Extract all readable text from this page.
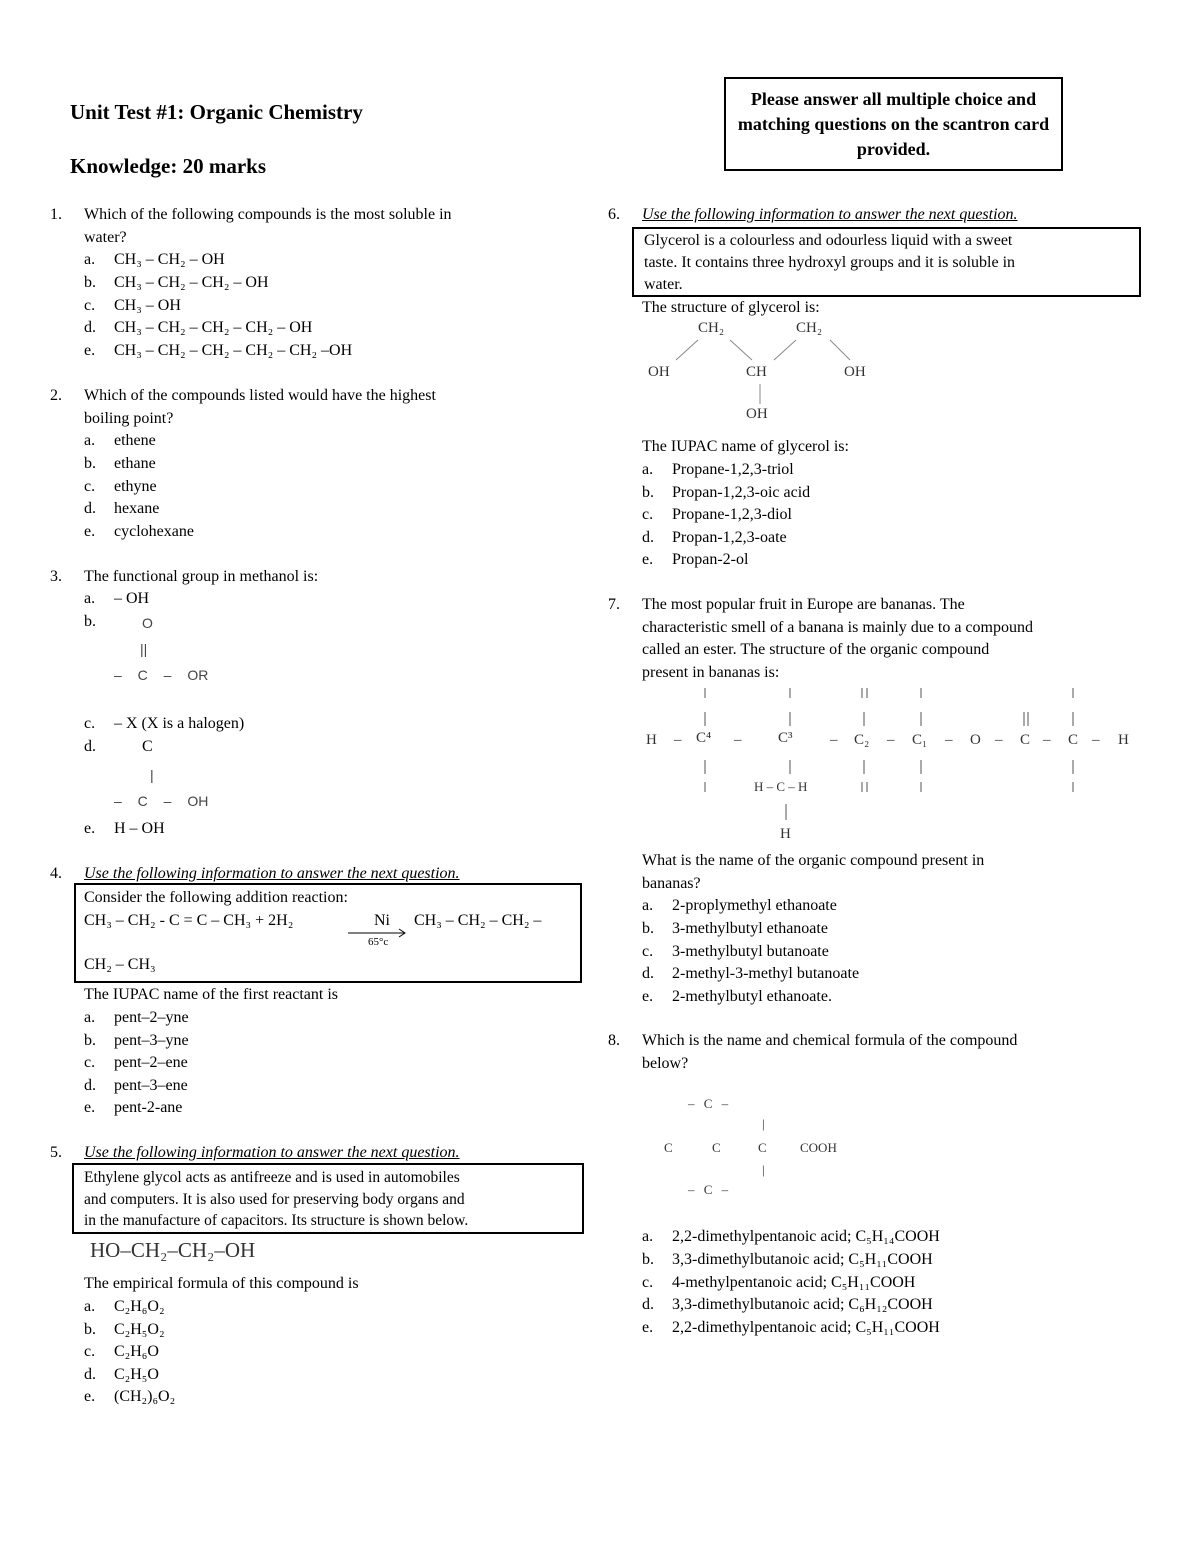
Unit Test #1: Organic Chemistry
Knowledge: 20 marks
Please answer all multiple choice and matching questions on the scantron card provided.
1. Which of the following compounds is the most soluble in
water?
a. CH₃ – CH₂ – OH
b. CH₃ – CH₂ – CH₂ – OH
c. CH₃ – OH
d. CH₃ – CH₂ – CH₂ – CH₂ – OH
e. CH₃ – CH₂ – CH₂ – CH₂ – CH₂ –OH
2. Which of the compounds listed would have the highest
boiling point?
a. ethene
b. ethane
c. ethyne
d. hexane
e. cyclohexane
3. The functional group in methanol is:
a. – OH
b.	O
||
– C – OR
c. – X (X is a halogen)
d.	C
|
– C – OH
e. H – OH
4. Use the following information to answer the next question.
Consider the following addition reaction:
CH₃ – CH₂ - C = C – CH₃ + 2H₂	Ni CH₃ – CH₂ – CH₂ –
65°c
CH₂ – CH₃
The IUPAC name of the first reactant is
a. pent–2–yne
b. pent–3–yne
c. pent–2–ene
d. pent–3–ene
e. pent-2-ane
5. Use the following information to answer the next question.
Ethylene glycol acts as antifreeze and is used in automobiles
and computers. It is also used for preserving body organs and
in the manufacture of capacitors. Its structure is shown below.
HO–CH₂–CH₂–OH
The empirical formula of this compound is
a. C₂H₆O₂
b. C₂H₅O₂
c. C₂H₆O
d. C₂H₅O
e. (CH₂)₆O₂
6. Use the following information to answer the next question.
Glycerol is a colourless and odourless liquid with a sweet
taste. It contains three hydroxyl groups and it is soluble in
water.
The structure of glycerol is:
CH₂	CH₂
OH	CH	OH
OH
The IUPAC name of glycerol is:
a. Propane-1,2,3-triol
b. Propan-1,2,3-oic acid
c. Propane-1,2,3-diol
d. Propan-1,2,3-oate
e. Propan-2-ol
7. The most popular fruit in Europe are bananas. The
characteristic smell of a banana is mainly due to a compound
called an ester. The structure of the organic compound
present in bananas is:
H – C⁴ – C³ – C₂ – C₁ – O – C – C – H
H – C – H
H
What is the name of the organic compound present in
bananas?
a. 2-proplymethyl ethanoate
b. 3-methylbutyl ethanoate
c. 3-methylbutyl butanoate
d. 2-methyl-3-methyl butanoate
e. 2-methylbutyl ethanoate.
8. Which is the name and chemical formula of the compound
below?
– C –
|
C	C	C	COOH
|
– C –
a. 2,2-dimethylpentanoic acid; C₅H₁₄COOH
b. 3,3-dimethylbutanoic acid; C₅H₁₁COOH
c. 4-methylpentanoic acid; C₅H₁₁COOH
d. 3,3-dimethylbutanoic acid; C₆H₁₂COOH
e. 2,2-dimethylpentanoic acid; C₅H₁₁COOH
